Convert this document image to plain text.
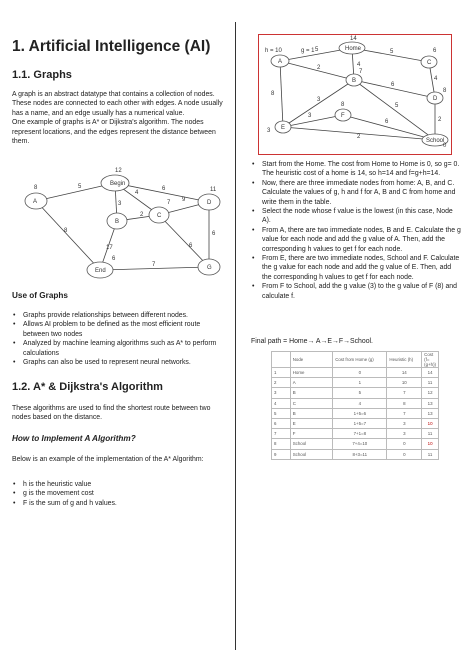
1. Artificial Intelligence (AI)
1.1. Graphs
A graph is an abstract datatype that contains a collection of nodes. These nodes are connected to each other with edges. A node usually has a name, and an edge usually has a numerical value.
One example of graphs is A* or Dijkstra's algorithm. The nodes represent locations, and the edges represent the distance between them.
Begin
A
B
C
D
End	G
12
8	11
5
3
4
6
2
8
9
17
6
7
6
6
7
Use of Graphs
• Graphs provide relationships between different nodes.
• Allows AI problem to be defined as the most efficient route between two nodes
• Analyzed by machine learning algorithms such as A* to perform calculations
• Graphs can also be used to represent neural networks.
1.2. A* & Dijkstra's Algorithm
These algorithms are used to find the shortest route between two nodes based on the distance.
How to Implement A Algorithm?
Below is an example of the implementation of the A* Algorithm:
• h is the heuristic value
• g is the movement cost
• F is the sum of g and h values.
Home
A
B
C
D
E
F
School
h = 10	g = 1
14
6
8
3
7
8
0
5
4
5
2
4
6
3
2
8
5
3
6
2
• Start from the Home. The cost from Home to Home is 0, so g= 0. The heuristic cost of a home is 14, so h=14 and f=g+h=14.
• Now, there are three immediate nodes from home: A, B, and C. Calculate the values of g, h and f for A, B and C from home and write them in the table.
• Select the node whose f value is the lowest (in this case, Node A).
• From A, there are two immediate nodes, B and E. Calculate the g value for each node and add the g value of A. Then, add the corresponding h values to get f for each node.
• From E, there are two immediate nodes, School and F. Calculate the g value for each node and add the g value of E. Then, add the corresponding h values to get f for each node.
• From F to School, add the g value (3) to the g value of F (8) and calculate f.
Final path = Home→ A→E→F→School.
	Node	Cost from Home (g)	Heuristic (h)	Cost (f=(g+h))
1	Home	0	14	14
2	A	1	10	11
3	B	5	7	12
4	C	4	8	13
5	B	1+5=6	7	13
6	E	1+5=7	3	10
7	F	7+1=8	3	11
8	School	7+4=10	0	10
9	School	8+3=11	0	11
